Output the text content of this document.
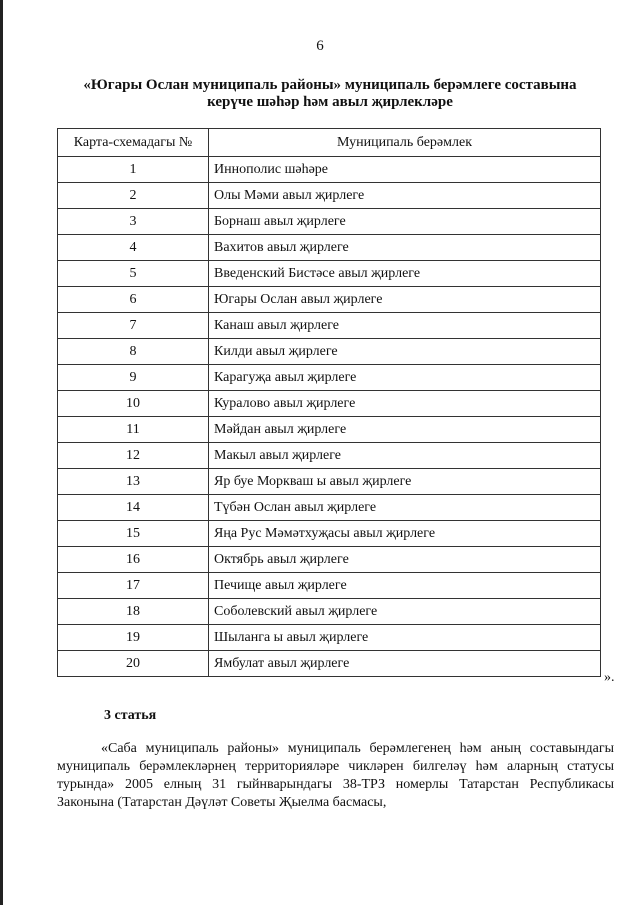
6
«Югары Ослан муниципаль районы» муниципаль берәмлеге составына
керүче шәһәр һәм авыл җирлекләре
Карта-схемадагы №	Муниципаль берәмлек
1	Иннополис шәһәре
2	Олы Мәми авыл җирлеге
3	Борнаш авыл җирлеге
4	Вахитов авыл җирлеге
5	Введенский Бистәсе авыл җирлеге
6	Югары Ослан авыл җирлеге
7	Канаш авыл җирлеге
8	Килди авыл җирлеге
9	Карагуҗа авыл җирлеге
10	Куралово авыл җирлеге
11	Мәйдан авыл җирлеге
12	Макыл авыл җирлеге
13	Яр буе Моркваш ы авыл җирлеге
14	Түбән Ослан авыл җирлеге
15	Яңа Рус Мәмәтхуҗасы авыл җирлеге
16	Октябрь авыл җирлеге
17	Печище авыл җирлеге
18	Соболевский авыл җирлеге
19	Шыланга ы авыл җирлеге
20	Ямбулат авыл җирлеге
».
3 статья

«Саба муниципаль районы» муниципаль берәмлегенең һәм аның составындагы муниципаль берәмлекләрнең территорияләре чикләрен билгеләү һәм аларның статусы турында» 2005 елның 31 гыйнварындагы 38-ТРЗ номерлы Татарстан Республикасы Законына (Татарстан Дәүләт Советы Җыелма басмасы,
